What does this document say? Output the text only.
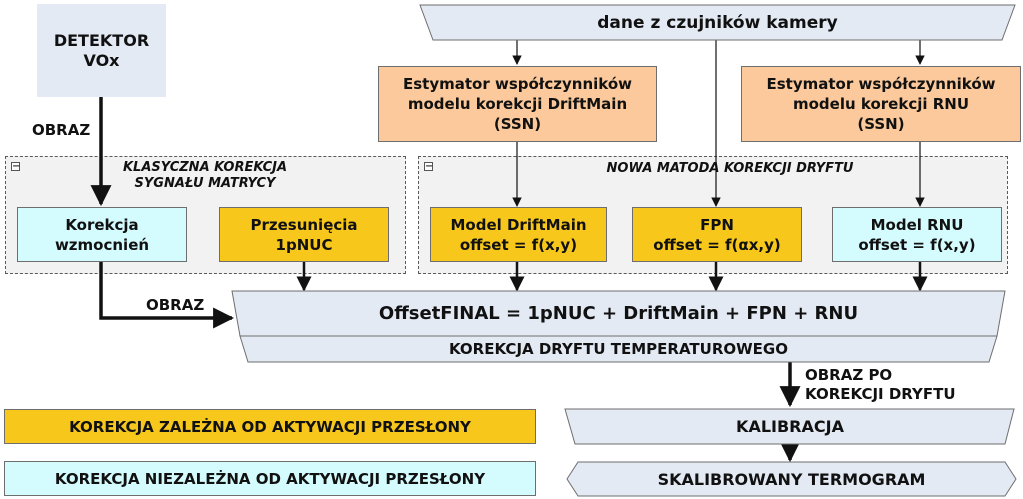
−	KLASYCZNA KOREKCJA
SYGNAŁU MATRYCY
−	NOWA MATODA KOREKCJI DRYFTU
DETEKTOR
VOx
dane z czujników kamery
Estymator współczynników
modelu korekcji DriftMain
(SSN)
Estymator współczynników
modelu korekcji RNU
(SSN)
Korekcja
wzmocnień
Przesunięcia
1pNUC
Model DriftMain
offset = f(x,y)
FPN
offset = f(αx,y)
Model RNU
offset = f(x,y)
OffsetFINAL = 1pNUC + DriftMain + FPN + RNU
KOREKCJA DRYFTU TEMPERATUROWEGO
OBRAZ
OBRAZ
OBRAZ PO
KOREKCJI DRYFTU
KALIBRACJA
SKALIBROWANY TERMOGRAM
KOREKCJA ZALEŻNA OD AKTYWACJI PRZESŁONY
KOREKCJA NIEZALEŻNA OD AKTYWACJI PRZESŁONY
